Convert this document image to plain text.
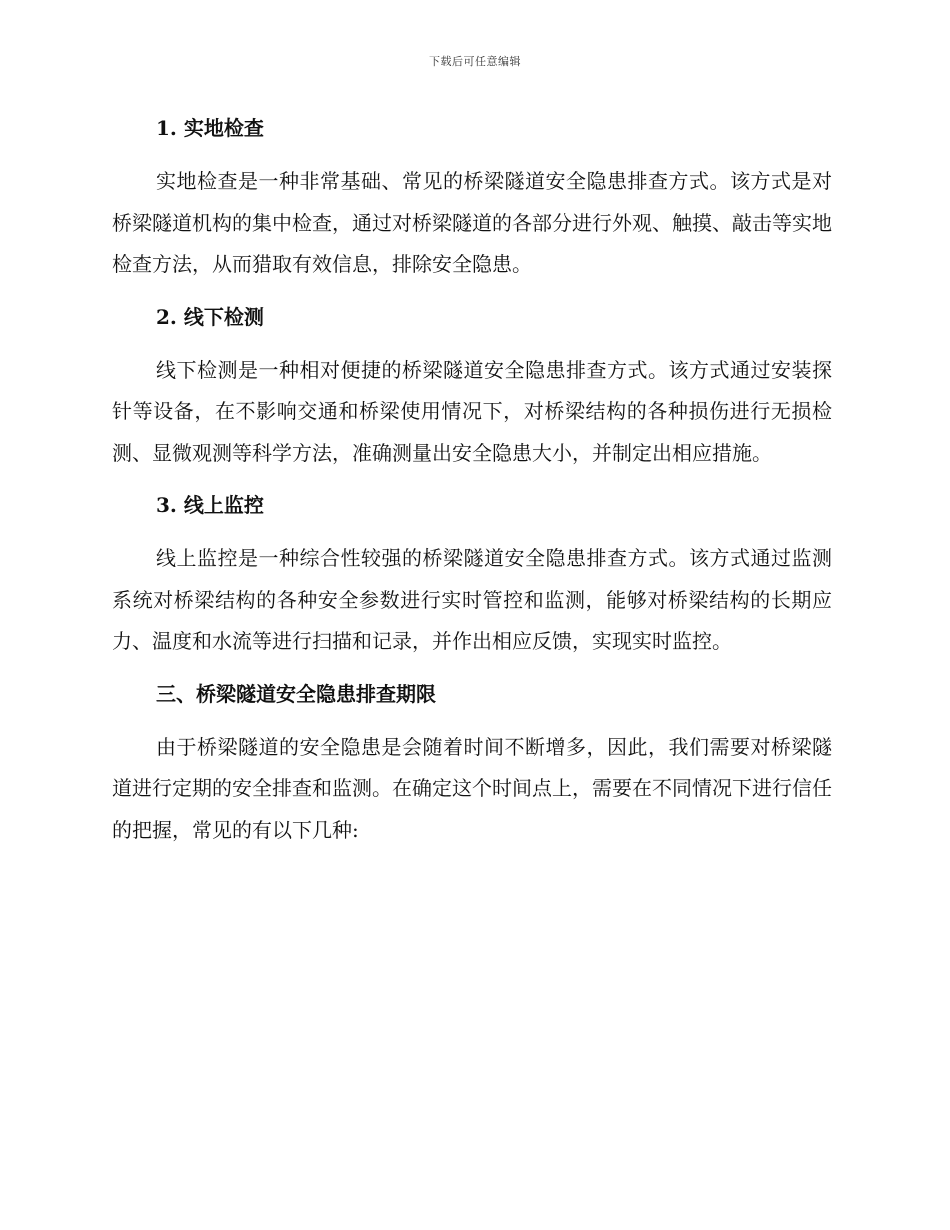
下载后可任意编辑
1. 实地检查

实地检查是一种非常基础、常见的桥梁隧道安全隐患排查方式。该方式是对桥梁隧道机构的集中检查，通过对桥梁隧道的各部分进行外观、触摸、敲击等实地检查方法，从而猎取有效信息，排除安全隐患。

2. 线下检测

线下检测是一种相对便捷的桥梁隧道安全隐患排查方式。该方式通过安装探针等设备，在不影响交通和桥梁使用情况下，对桥梁结构的各种损伤进行无损检测、显微观测等科学方法，准确测量出安全隐患大小，并制定出相应措施。

3. 线上监控

线上监控是一种综合性较强的桥梁隧道安全隐患排查方式。该方式通过监测系统对桥梁结构的各种安全参数进行实时管控和监测，能够对桥梁结构的长期应力、温度和水流等进行扫描和记录，并作出相应反馈，实现实时监控。

三、桥梁隧道安全隐患排查期限

由于桥梁隧道的安全隐患是会随着时间不断增多，因此，我们需要对桥梁隧道进行定期的安全排查和监测。在确定这个时间点上，需要在不同情况下进行信任的把握，常见的有以下几种:
